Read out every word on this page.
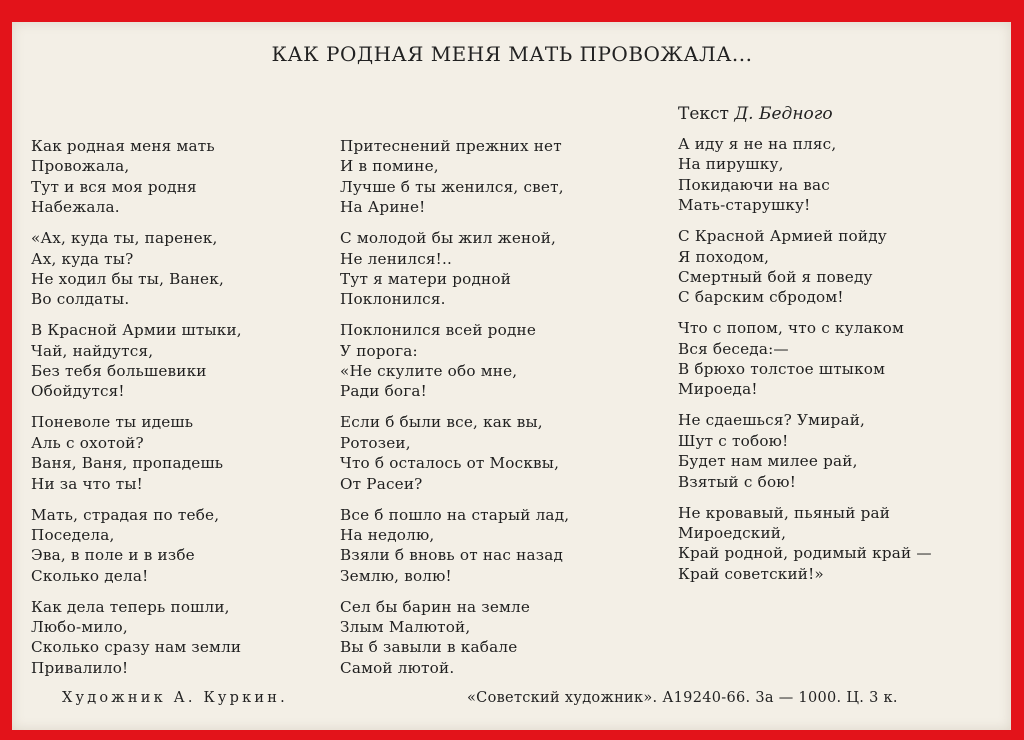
КАК РОДНАЯ МЕНЯ МАТЬ ПРОВОЖАЛА...
Текст Д. Бедного
Как родная меня мать
Провожала,
Тут и вся моя родня
Набежала.
«Ах, куда ты, паренек,
Ах, куда ты?
Не ходил бы ты, Ванек,
Во солдаты.
В Красной Армии штыки,
Чай, найдутся,
Без тебя большевики
Обойдутся!
Поневоле ты идешь
Аль с охотой?
Ваня, Ваня, пропадешь
Ни за что ты!
Мать, страдая по тебе,
Поседела,
Эва, в поле и в избе
Сколько дела!
Как дела теперь пошли,
Любо-мило,
Сколько сразу нам земли
Привалило!
Притеснений прежних нет
И в помине,
Лучше б ты женился, свет,
На Арине!
С молодой бы жил женой,
Не ленился!..
Тут я матери родной
Поклонился.
Поклонился всей родне
У порога:
«Не скулите обо мне,
Ради бога!
Если б были все, как вы,
Ротозеи,
Что б осталось от Москвы,
От Расеи?
Все б пошло на старый лад,
На недолю,
Взяли б вновь от нас назад
Землю, волю!
Сел бы барин на земле
Злым Малютой,
Вы б завыли в кабале
Самой лютой.
А иду я не на пляс,
На пирушку,
Покидаючи на вас
Мать-старушку!
С Красной Армией пойду
Я походом,
Смертный бой я поведу
С барским сбродом!
Что с попом, что с кулаком
Вся беседа:—
В брюхо толстое штыком
Мироеда!
Не сдаешься? Умирай,
Шут с тобою!
Будет нам милее рай,
Взятый с бою!
Не кровавый, пьяный рай
Мироедский,
Край родной, родимый край —
Край советский!»
Художник А. Куркин.	«Советский художник». А19240-66. 3а — 1000. Ц. 3 к.
